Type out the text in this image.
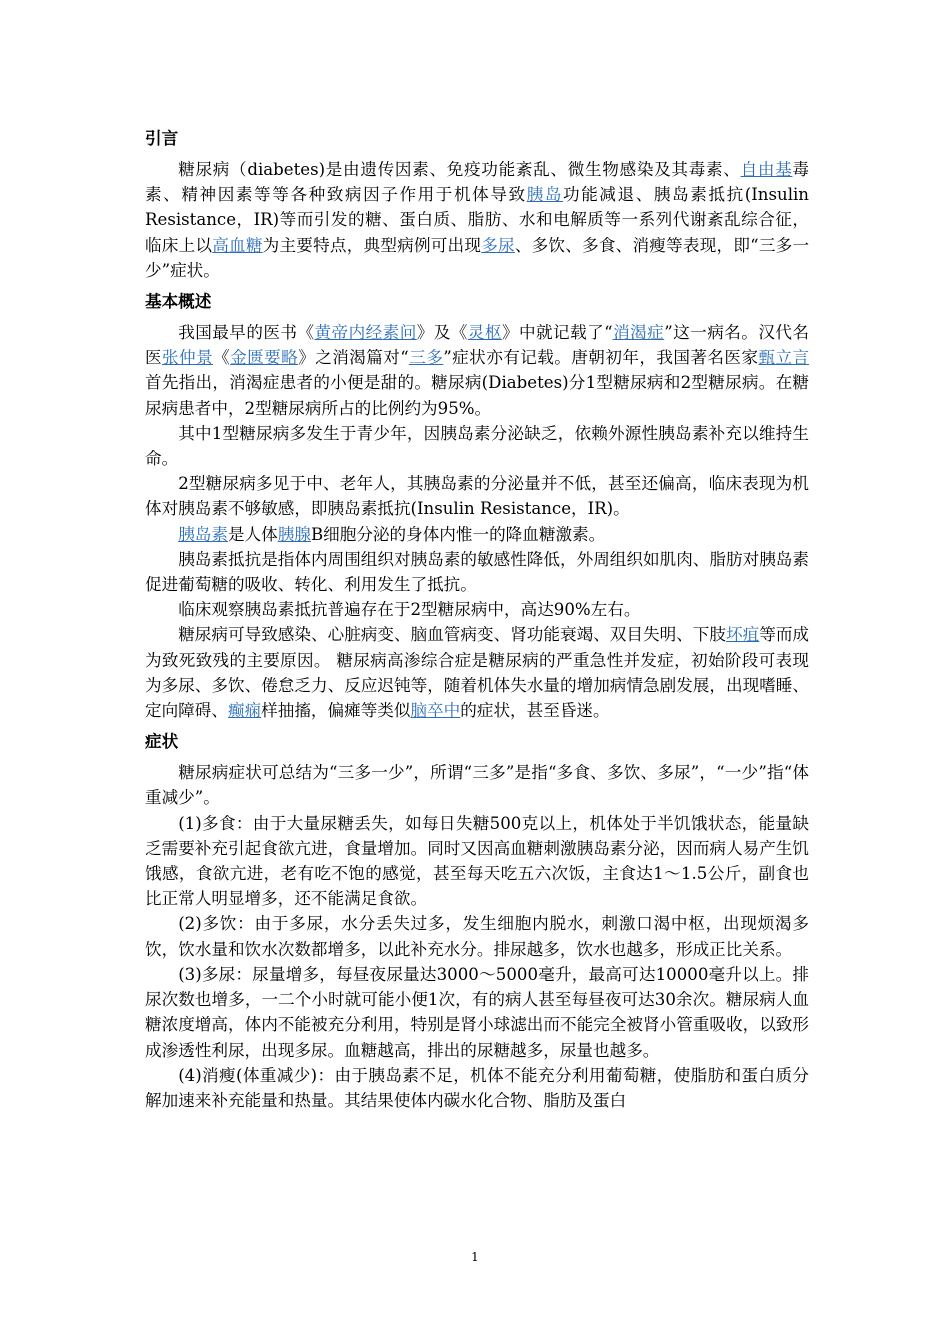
引言

糖尿病（diabetes)是由遗传因素、免疫功能紊乱、微生物感染及其毒素、自由基毒素、精神因素等等各种致病因子作用于机体导致胰岛功能减退、胰岛素抵抗(Insulin Resistance，IR)等而引发的糖、蛋白质、脂肪、水和电解质等一系列代谢紊乱综合征，临床上以高血糖为主要特点，典型病例可出现多尿、多饮、多食、消瘦等表现，即“三多一少”症状。

基本概述

我国最早的医书《黄帝内经素问》及《灵枢》中就记载了“消渴症”这一病名。汉代名医张仲景《金匮要略》之消渴篇对“三多”症状亦有记载。唐朝初年，我国著名医家甄立言首先指出，消渴症患者的小便是甜的。糖尿病(Diabetes)分1型糖尿病和2型糖尿病。在糖尿病患者中，2型糖尿病所占的比例约为95%。

其中1型糖尿病多发生于青少年，因胰岛素分泌缺乏，依赖外源性胰岛素补充以维持生命。

2型糖尿病多见于中、老年人，其胰岛素的分泌量并不低，甚至还偏高，临床表现为机体对胰岛素不够敏感，即胰岛素抵抗(Insulin Resistance，IR)。

胰岛素是人体胰腺B细胞分泌的身体内惟一的降血糖激素。

胰岛素抵抗是指体内周围组织对胰岛素的敏感性降低，外周组织如肌肉、脂肪对胰岛素促进葡萄糖的吸收、转化、利用发生了抵抗。

临床观察胰岛素抵抗普遍存在于2型糖尿病中，高达90%左右。

糖尿病可导致感染、心脏病变、脑血管病变、肾功能衰竭、双目失明、下肢坏疽等而成为致死致残的主要原因。 糖尿病高渗综合症是糖尿病的严重急性并发症，初始阶段可表现为多尿、多饮、倦怠乏力、反应迟钝等，随着机体失水量的增加病情急剧发展，出现嗜睡、定向障碍、癫痫样抽搐，偏瘫等类似脑卒中的症状，甚至昏迷。

症状

糖尿病症状可总结为“三多一少”，所谓“三多”是指“多食、多饮、多尿”，“一少”指“体重减少”。

(1)多食：由于大量尿糖丢失，如每日失糖500克以上，机体处于半饥饿状态，能量缺乏需要补充引起食欲亢进，食量增加。同时又因高血糖刺激胰岛素分泌，因而病人易产生饥饿感，食欲亢进，老有吃不饱的感觉，甚至每天吃五六次饭，主食达1～1.5公斤，副食也比正常人明显增多，还不能满足食欲。

(2)多饮：由于多尿，水分丢失过多，发生细胞内脱水，刺激口渴中枢，出现烦渴多饮，饮水量和饮水次数都增多，以此补充水分。排尿越多，饮水也越多，形成正比关系。

(3)多尿：尿量增多，每昼夜尿量达3000～5000毫升，最高可达10000毫升以上。排尿次数也增多，一二个小时就可能小便1次，有的病人甚至每昼夜可达30余次。糖尿病人血糖浓度增高，体内不能被充分利用，特别是肾小球滤出而不能完全被肾小管重吸收，以致形成渗透性利尿，出现多尿。血糖越高，排出的尿糖越多，尿量也越多。

(4)消瘦(体重减少)：由于胰岛素不足，机体不能充分利用葡萄糖，使脂肪和蛋白质分解加速来补充能量和热量。其结果使体内碳水化合物、脂肪及蛋白

1
